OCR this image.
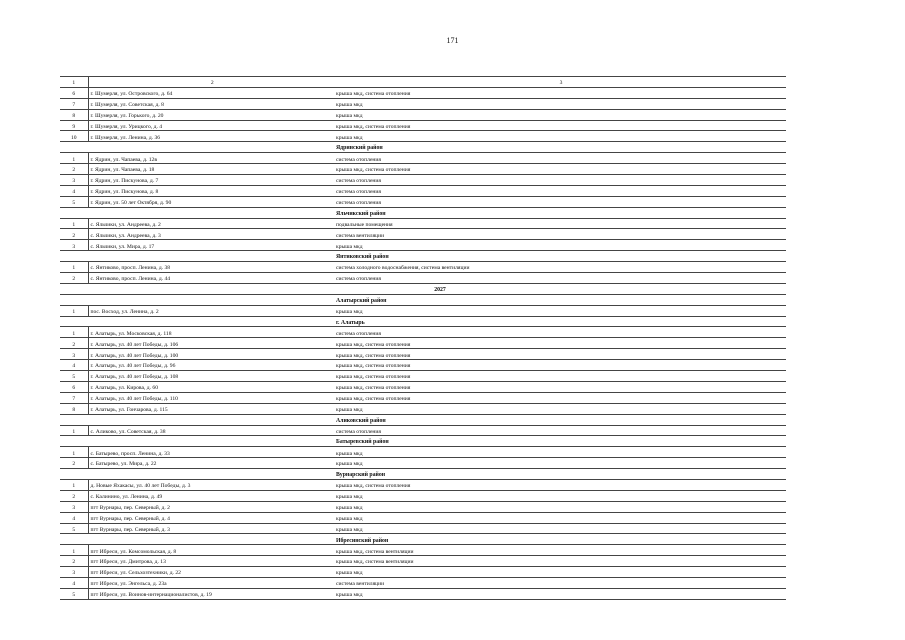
171
1	2	3
6	г. Шумерля, ул. Островского, д. 64	крыша мкд, система отопления
7	г. Шумерля, ул. Советская, д. 8	крыша мкд
8	г. Шумерля, ул. Горького, д. 20	крыша мкд
9	г. Шумерля, ул. Урицкого, д. 4	крыша мкд, система отопления
10	г. Шумерля, ул. Ленина, д. 36	крыша мкд
		Ядринский район
1	г. Ядрин, ул. Чапаева, д. 12в	система отопления
2	г. Ядрин, ул. Чапаева, д. 18	крыша мкд, система отопления
3	г. Ядрин, ул. Пискунова, д. 7	система отопления
4	г. Ядрин, ул. Пискунова, д. 8	система отопления
5	г. Ядрин, ул. 50 лет Октября, д. 90	система отопления
		Яльчикский район
1	с. Яльчики, ул. Андреева, д. 2	подвальные помещения
2	с. Яльчики, ул. Андреева, д. 3	система вентиляции
3	с. Яльчики, ул. Мира, д. 17	крыша мкд
		Янтиковский район
1	с. Янтиково, просп. Ленина, д. 38	система холодного водоснабжения, система вентиляции
2	с. Янтиково, просп. Ленина, д. 44	система отопления
		2027
		Алатырский район
1	пос. Восход, ул. Ленина, д. 2	крыша мкд
		г. Алатырь
1	г. Алатырь, ул. Московская, д. 118	система отопления
2	г. Алатырь, ул. 40 лет Победы, д. 106	крыша мкд, система отопления
3	г. Алатырь, ул. 40 лет Победы, д. 100	крыша мкд, система отопления
4	г. Алатырь, ул. 40 лет Победы, д. 96	крыша мкд, система отопления
5	г. Алатырь, ул. 40 лет Победы, д. 108	крыша мкд, система отопления
6	г. Алатырь, ул. Кирова, д. 60	крыша мкд, система отопления
7	г. Алатырь, ул. 40 лет Победы, д. 110	крыша мкд, система отопления
8	г. Алатырь, ул. Гончарова, д. 115	крыша мкд
		Аликовский район
1	с. Аликово, ул. Советская, д. 38	система отопления
		Батыревский район
1	с. Батырево, просп. Ленина, д. 33	крыша мкд
2	с. Батырево, ул. Мира, д. 22	крыша мкд
		Вурнарский район
1	д. Новые Яхакасы, ул. 40 лет Победы, д. 3	крыша мкд, система отопления
2	с. Калинино, ул. Ленина, д. 49	крыша мкд
3	пгт Вурнары, пер. Северный, д. 2	крыша мкд
4	пгт Вурнары, пер. Северный, д. 4	крыша мкд
5	пгт Вурнары, пер. Северный, д. 3	крыша мкд
		Ибресинский район
1	пгт Ибреси, ул. Комсомольская, д. 8	крыша мкд, система вентиляции
2	пгт Ибреси, ул. Дмитрова, д. 13	крыша мкд, система вентиляции
3	пгт Ибреси, ул. Сельхозтехники, д. 22	крыша мкд
4	пгт Ибреси, ул. Энгельса, д. 23а	система вентиляции
5	пгт Ибреси, ул. Воинов-интернационалистов, д. 19	крыша мкд
